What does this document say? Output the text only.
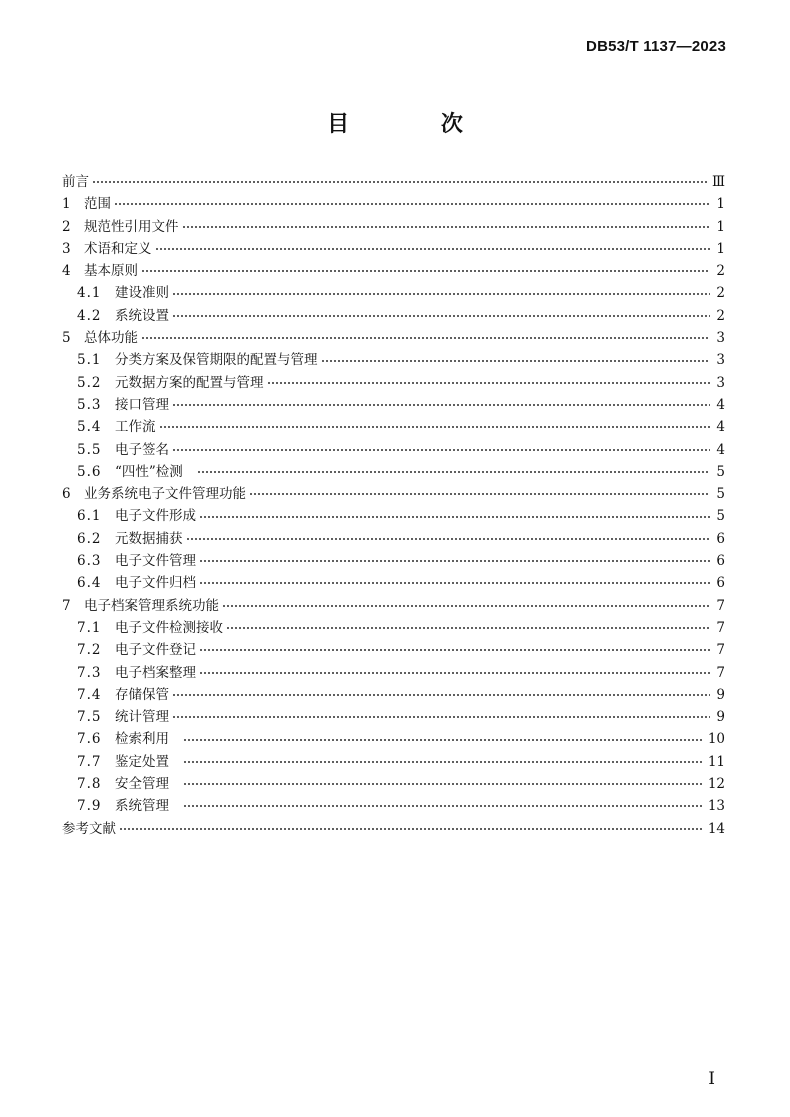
DB53/T 1137—2023
目 次
前言	Ⅲ
1 范围	1
2 规范性引用文件	1
3 术语和定义	1
4 基本原则	2
4.1	建设准则	2
4.2	系统设置	2
5 总体功能	3
5.1	分类方案及保管期限的配置与管理	3
5.2	元数据方案的配置与管理	3
5.3	接口管理	4
5.4	工作流	4
5.5	电子签名	4
5.6	“四性”检测	5
6 业务系统电子文件管理功能	5
6.1	电子文件形成	5
6.2	元数据捕获	6
6.3	电子文件管理	6
6.4	电子文件归档	6
7 电子档案管理系统功能	7
7.1	电子文件检测接收	7
7.2	电子文件登记	7
7.3	电子档案整理	7
7.4	存储保管	9
7.5	统计管理	9
7.6	检索利用	10
7.7	鉴定处置	11
7.8	安全管理	12
7.9	系统管理	13
参考文献	14
I
